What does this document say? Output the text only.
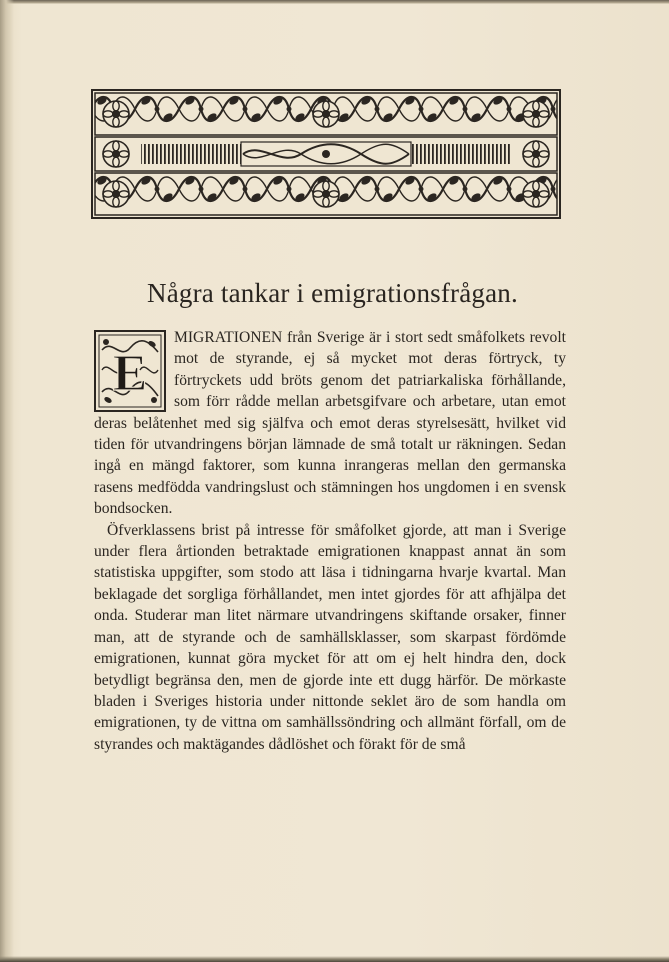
Några tankar i emigrationsfrågan.
E

MIGRATIONEN från Sverige är i stort sedt småfolkets revolt mot de styrande, ej så mycket mot deras förtryck, ty förtryckets udd bröts genom det patriarkaliska förhållande, som förr rådde mellan arbetsgifvare och arbetare, utan emot deras belåtenhet med sig själfva och emot deras styrelsesätt, hvilket vid tiden för utvandringens början lämnade de små totalt ur räkningen. Sedan ingå en mängd faktorer, som kunna inrangeras mellan den germanska rasens medfödda vandringslust och stämningen hos ungdomen i en svensk bondsocken.

Öfverklassens brist på intresse för småfolket gjorde, att man i Sverige under flera årtionden betraktade emigrationen knappast annat än som statistiska uppgifter, som stodo att läsa i tidningarna hvarje kvartal. Man beklagade det sorgliga förhållandet, men intet gjordes för att afhjälpa det onda. Studerar man litet närmare utvandringens skiftande orsaker, finner man, att de styrande och de samhällsklasser, som skarpast fördömde emigrationen, kunnat göra mycket för att om ej helt hindra den, dock betydligt begränsa den, men de gjorde inte ett dugg härför. De mörkaste bladen i Sveriges historia under nittonde seklet äro de som handla om emigrationen, ty de vittna om samhällssöndring och allmänt förfall, om de styrandes och maktägandes dådlöshet och förakt för de små
